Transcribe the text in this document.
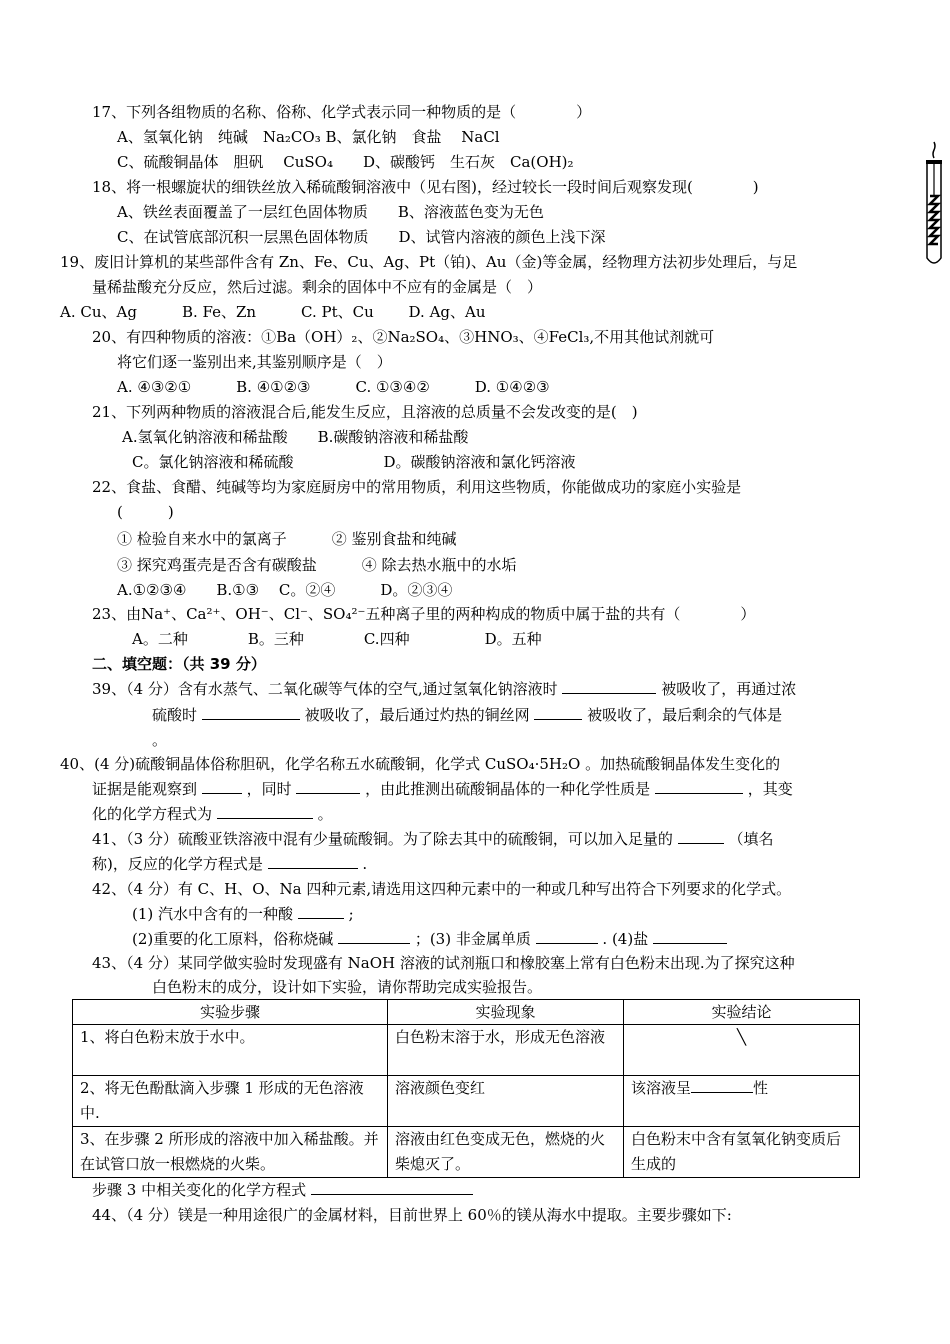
17、下列各组物质的名称、俗称、化学式表示同一种物质的是（　　　　）
A、氢氧化钠　纯碱　Na₂CO₃ B、氯化钠　食盐　 NaCl
C、硫酸铜晶体　胆矾　 CuSO₄　　D、碳酸钙　生石灰　Ca(OH)₂
18、将一根螺旋状的细铁丝放入稀硫酸铜溶液中（见右图)，经过较长一段时间后观察发现(　　　　)
A、铁丝表面覆盖了一层红色固体物质　　B、溶液蓝色变为无色
C、在试管底部沉积一层黑色固体物质　　D、试管内溶液的颜色上浅下深
19、废旧计算机的某些部件含有 Zn、Fe、Cu、Ag、Pt（铂)、Au（金)等金属，经物理方法初步处理后，与足
量稀盐酸充分反应，然后过滤。剩余的固体中不应有的金属是（　）
A. Cu、Ag　　　B. Fe、Zn　　　C. Pt、Cu　　 D. Ag、Au
20、有四种物质的溶液：①Ba（OH）₂、②Na₂SO₄、③HNO₃、④FeCl₃,不用其他试剂就可
将它们逐一鉴别出来,其鉴别顺序是（　）
A. ④③②①　　　B. ④①②③　　　C. ①③④②　　　D. ①④②③
21、下列两种物质的溶液混合后,能发生反应，且溶液的总质量不会发改变的是(　)
A.氢氧化钠溶液和稀盐酸　　B.碳酸钠溶液和稀盐酸
C。氯化钠溶液和稀硫酸　　　　　　D。碳酸钠溶液和氯化钙溶液
22、食盐、食醋、纯碱等均为家庭厨房中的常用物质，利用这些物质，你能做成功的家庭小实验是
(　　　)
① 检验自来水中的氯离子　　　② 鉴别食盐和纯碱
③ 探究鸡蛋壳是否含有碳酸盐　　　④ 除去热水瓶中的水垢
A.①②③④　　B.①③　 C。②④　　　D。②③④
23、由Na⁺、Ca²⁺、OH⁻、Cl⁻、SO₄²⁻五种离子里的两种构成的物质中属于盐的共有（　　　　）
A。二种　　　　B。三种　　　　C.四种　　　　　D。五种
二、填空题：（共 39 分）
39、（4 分）含有水蒸气、二氧化碳等气体的空气,通过氢氧化钠溶液时	被吸收了，再通过浓
硫酸时	被吸收了，最后通过灼热的铜丝网	被吸收了，最后剩余的气体是
。
40、(4 分)硫酸铜晶体俗称胆矾，化学名称五水硫酸铜，化学式 CuSO₄·5H₂O 。加热硫酸铜晶体发生变化的
证据是能观察到	，同时	，由此推测出硫酸铜晶体的一种化学性质是	，其变
化的化学方程式为	。
41、（3 分）硫酸亚铁溶液中混有少量硫酸铜。为了除去其中的硫酸铜，可以加入足量的	（填名
称)，反应的化学方程式是	.
42、（4 分）有 C、H、O、Na 四种元素,请选用这四种元素中的一种或几种写出符合下列要求的化学式。
(1) 汽水中含有的一种酸	;
(2)重要的化工原料，俗称烧碱	；(3) 非金属单质	. (4)盐
43、（4 分）某同学做实验时发现盛有 NaOH 溶液的试剂瓶口和橡胶塞上常有白色粉末出现.为了探究这种
白色粉末的成分，设计如下实验，请你帮助完成实验报告。
实验步骤	实验现象	实验结论
1、将白色粉末放于水中。	白色粉末溶于水，形成无色溶液	╲
2、将无色酚酞滴入步骤 1 形成的无色溶液中.	溶液颜色变红	该溶液呈 性
3、在步骤 2 所形成的溶液中加入稀盐酸。并在试管口放一根燃烧的火柴。	溶液由红色变成无色，燃烧的火柴熄灭了。	白色粉末中含有氢氧化钠变质后生成的
步骤 3 中相关变化的化学方程式
44、（4 分）镁是一种用途很广的金属材料，目前世界上 60％的镁从海水中提取。主要步骤如下:
